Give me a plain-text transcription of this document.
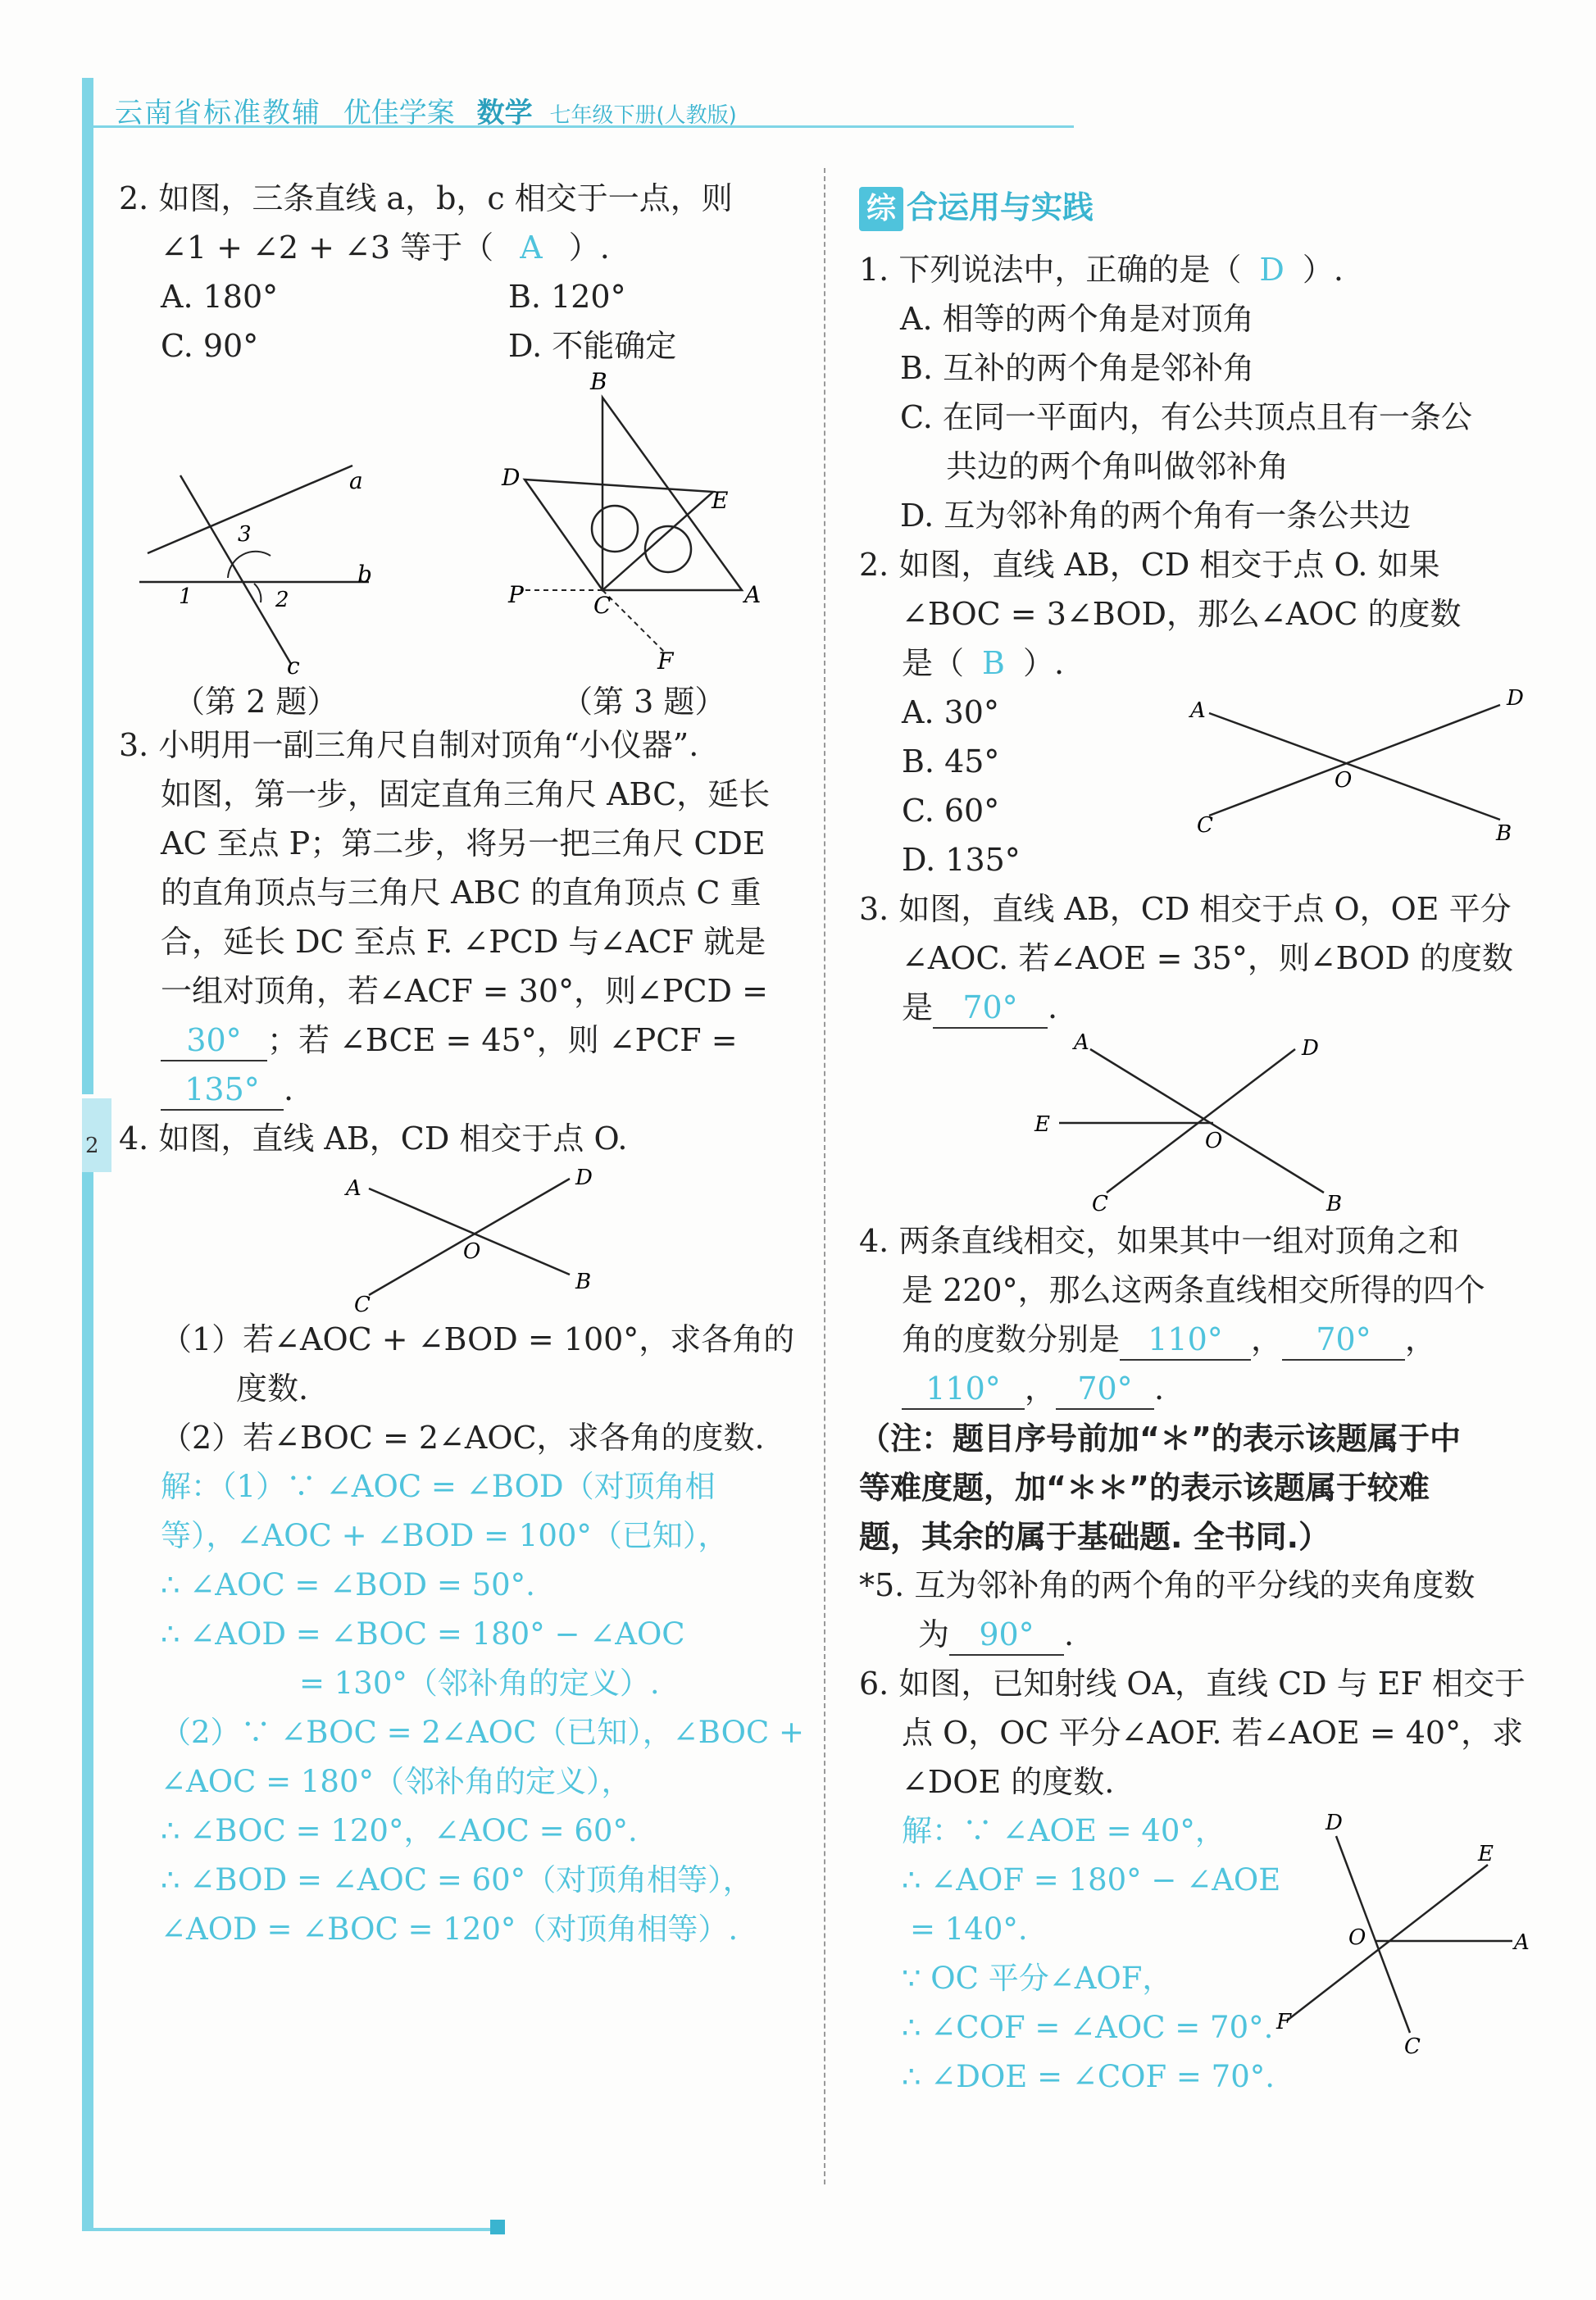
2
云南省标准教辅 优佳学案 数学 七年级下册(人教版)
2. 如图，三条直线 a，b，c 相交于一点，则
∠1 + ∠2 + ∠3 等于（ A ）.
A. 180°	B. 120°
C. 90°	D. 不能确定
a
b
c
3
1	2
（第 2 题）
B
D
E
P	C	A
F
（第 3 题）
3. 小明用一副三角尺自制对顶角“小仪器”.
如图，第一步，固定直角三角尺 ABC，延长
AC 至点 P；第二步，将另一把三角尺 CDE
的直角顶点与三角尺 ABC 的直角顶点 C 重
合，延长 DC 至点 F. ∠PCD 与∠ACF 就是
一组对顶角，若∠ACF = 30°，则∠PCD =
30° ；若 ∠BCE = 45°，则 ∠PCF =
135° .
4. 如图，直线 AB，CD 相交于点 O.
A	D
O
B
C
（1）若∠AOC + ∠BOD = 100°，求各角的
度数.
（2）若∠BOC = 2∠AOC，求各角的度数.
解：（1）∵ ∠AOC = ∠BOD（对顶角相
等），∠AOC + ∠BOD = 100°（已知），
∴ ∠AOC = ∠BOD = 50°.
∴ ∠AOD = ∠BOC = 180° − ∠AOC
= 130°（邻补角的定义）.
（2）∵ ∠BOC = 2∠AOC（已知），∠BOC +
∠AOC = 180°（邻补角的定义），
∴ ∠BOC = 120°，∠AOC = 60°.
∴ ∠BOD = ∠AOC = 60°（对顶角相等），
∠AOD = ∠BOC = 120°（对顶角相等）.
综 合运用与实践
1. 下列说法中，正确的是（ D ）.
A. 相等的两个角是对顶角
B. 互补的两个角是邻补角
C. 在同一平面内，有公共顶点且有一条公
共边的两个角叫做邻补角
D. 互为邻补角的两个角有一条公共边
2. 如图，直线 AB，CD 相交于点 O. 如果
∠BOC = 3∠BOD，那么∠AOC 的度数
是（ B ）.
A. 30°
B. 45°
C. 60°
D. 135°
A	D
O
C	B
3. 如图，直线 AB，CD 相交于点 O，OE 平分
∠AOC. 若∠AOE = 35°，则∠BOD 的度数
是 70° .
A	D
E
O
C	B
4. 两条直线相交，如果其中一组对顶角之和
是 220°，那么这两条直线相交所得的四个
角的度数分别是 110° ， 70° ，
110° ， 70° .
（注：题目序号前加“＊”的表示该题属于中
等难度题，加“＊＊”的表示该题属于较难
题，其余的属于基础题. 全书同.）
*5. 互为邻补角的两个角的平分线的夹角度数
为 90° .
6. 如图，已知射线 OA，直线 CD 与 EF 相交于
点 O，OC 平分∠AOF. 若∠AOE = 40°，求
∠DOE 的度数.
解：∵ ∠AOE = 40°，
∴ ∠AOF = 180° − ∠AOE
= 140°.
∵ OC 平分∠AOF，
∴ ∠COF = ∠AOC = 70°.
∴ ∠DOE = ∠COF = 70°.
D
E
O	A
F
C
